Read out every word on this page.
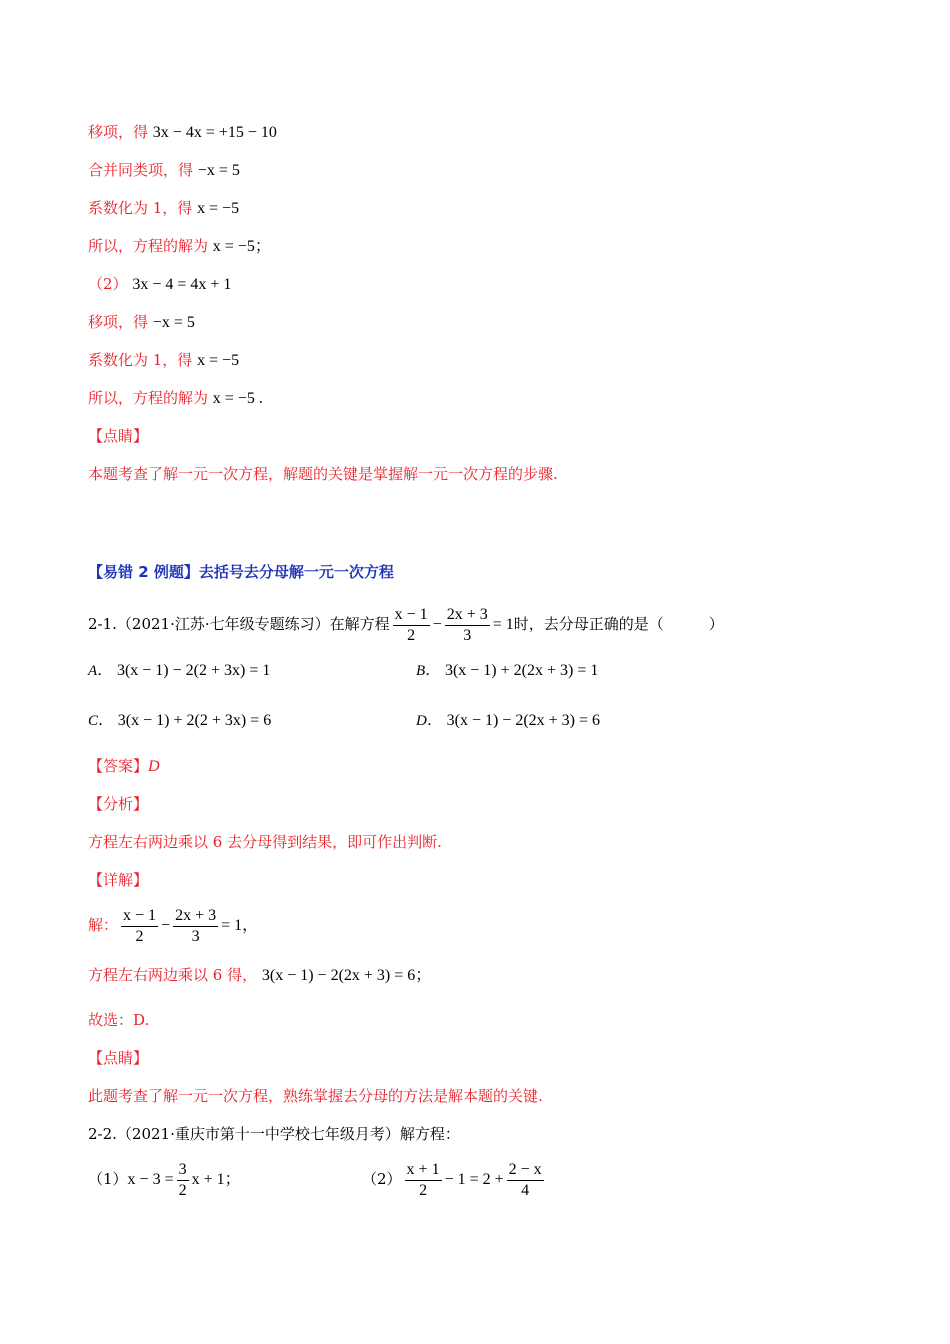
移项，得 3x − 4x = +15 − 10
合并同类项，得 −x = 5
系数化为 1，得 x = −5
所以，方程的解为 x = −5；
（2） 3x − 4 = 4x + 1
移项，得 −x = 5
系数化为 1，得 x = −5
所以，方程的解为 x = −5 .
【点睛】
本题考查了解一元一次方程，解题的关键是掌握解一元一次方程的步骤.
【易错 2 例题】去括号去分母解一元一次方程
2-1.（2021·江苏·七年级专题练习）在解方程 $\frac{x - 1}{2} - \frac{2x + 3}{3} = 1$时，去分母正确的是（　　　）
A． 3(x − 1) − 2(2 + 3x) = 1	B． 3(x − 1) + 2(2x + 3) = 1
C． 3(x − 1) + 2(2 + 3x) = 6	D． 3(x − 1) − 2(2x + 3) = 6
【答案】D
【分析】
方程左右两边乘以 6 去分母得到结果，即可作出判断.
【详解】
解： $\frac{x - 1}{2} - \frac{2x + 3}{3} = 1$，
方程左右两边乘以 6 得， 3(x − 1) − 2(2x + 3) = 6；
故选：D.
【点睛】
此题考查了解一元一次方程，熟练掌握去分母的方法是解本题的关键.
2-2.（2021·重庆市第十一中学校七年级月考）解方程：
$(1)x - 3 = \frac{3}{2}$ x + 1；	$(2) \frac{x + 1}{2} - 1 = 2 + \frac{2 - x}{4}$
